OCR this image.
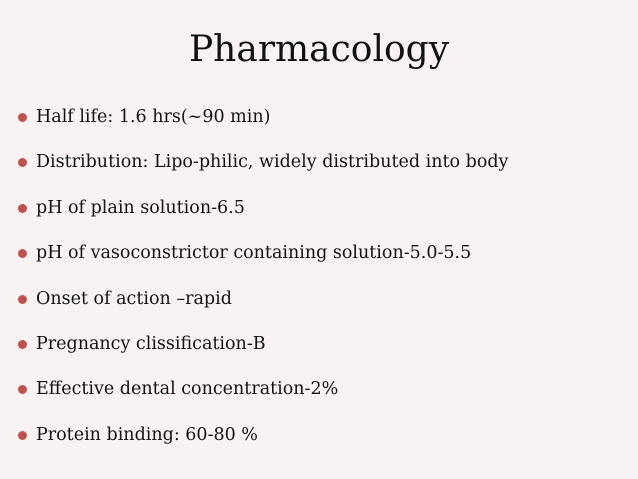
Pharmacology
Half life: 1.6 hrs(~90 min)
Distribution: Lipo-philic, widely distributed into body
pH of plain solution-6.5
pH of vasoconstrictor containing solution-5.0-5.5
Onset of action –rapid
Pregnancy clissification-B
Effective dental concentration-2%
Protein binding: 60-80 %
